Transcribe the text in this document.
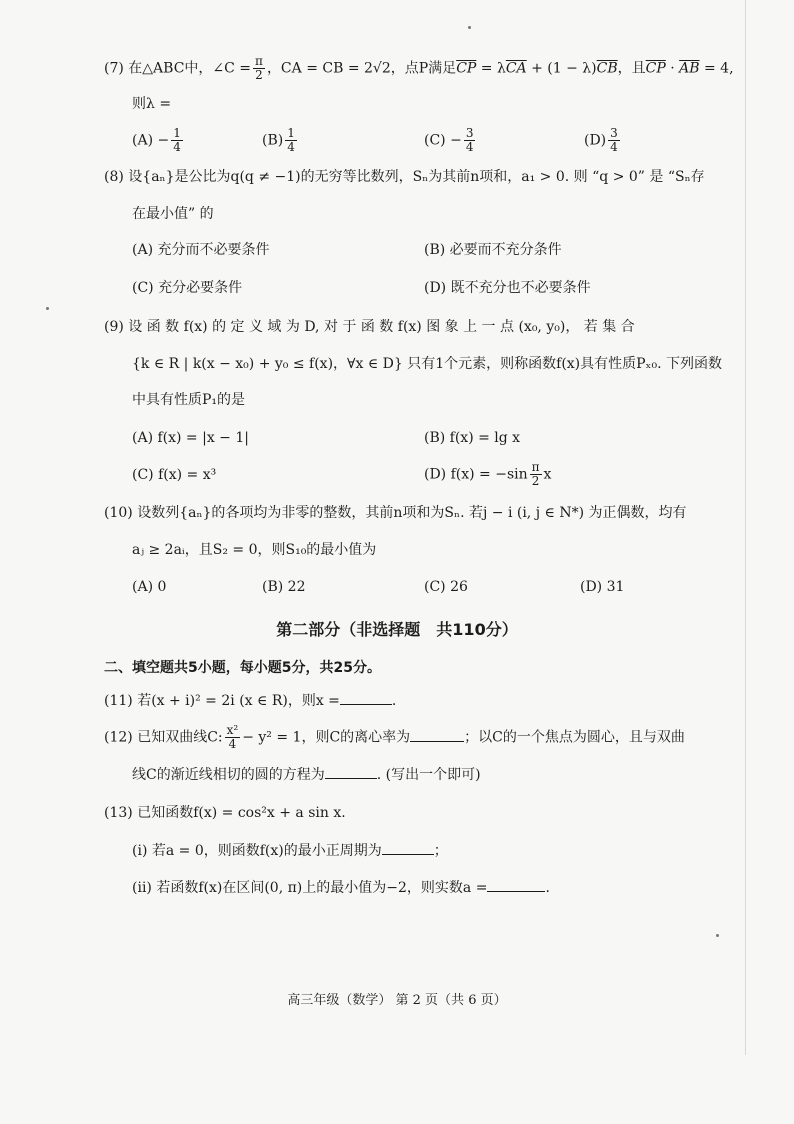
(7) 在△ABC中，∠C = $\frac{\pi}{2}$ ，CA = CB = 2√2，点P满足$\overline{CP} = \lambda\overline{CA} + (1 - \lambda)\overline{CB}$，且$\overline{CP} \cdot \overline{AB} = 4$,
则λ =
$(A) - \frac{1}{4}$	$(B) \frac{1}{4}$	$(C) - \frac{3}{4}$	$(D) \frac{3}{4}$
(8) 设{aₙ}是公比为q(q ≠ −1)的无穷等比数列，Sₙ为其前n项和，a₁ > 0. 则 “q > 0” 是 “Sₙ存
在最小值” 的
(A) 充分而不必要条件	(B) 必要而不充分条件
(C) 充分必要条件	(D) 既不充分也不必要条件
(9) 设 函 数 f(x) 的 定 义 域 为 D, 对 于 函 数 f(x) 图 象 上 一 点 (x₀, y₀)， 若 集 合
{k ∈ R | k(x − x₀) + y₀ ≤ f(x)，∀x ∈ D} 只有1个元素，则称函数f(x)具有性质Pₓ₀. 下列函数
中具有性质P₁的是
(A) f(x) = |x − 1|	(B) f(x) = lg x
(C) f(x) = x³	(D) $f(x) = -\sin \frac{\pi}{2}$ x
(10) 设数列{aₙ}的各项均为非零的整数，其前n项和为Sₙ. 若j − i (i, j ∈ N*) 为正偶数，均有
aⱼ ≥ 2aᵢ，且S₂ = 0，则S₁₀的最小值为
(A) 0	(B) 22	(C) 26	(D) 31
第二部分（非选择题　共110分）
二、填空题共5小题，每小题5分，共25分。
(11) 若(x + i)² = 2i (x ∈ R)，则x =	.
(12) 已知双曲线C: $\frac{\text{x²}}{4} - y^2 = 1$，则C的离心率为	；以C的一个焦点为圆心，且与双曲
线C的渐近线相切的圆的方程为	. (写出一个即可)
(13) 已知函数f(x) = cos²x + a sin x.
(ⅰ) 若a = 0，则函数f(x)的最小正周期为	；
(ⅱ) 若函数f(x)在区间(0, π)上的最小值为−2，则实数a =	.
高三年级（数学） 第 2 页（共 6 页）
